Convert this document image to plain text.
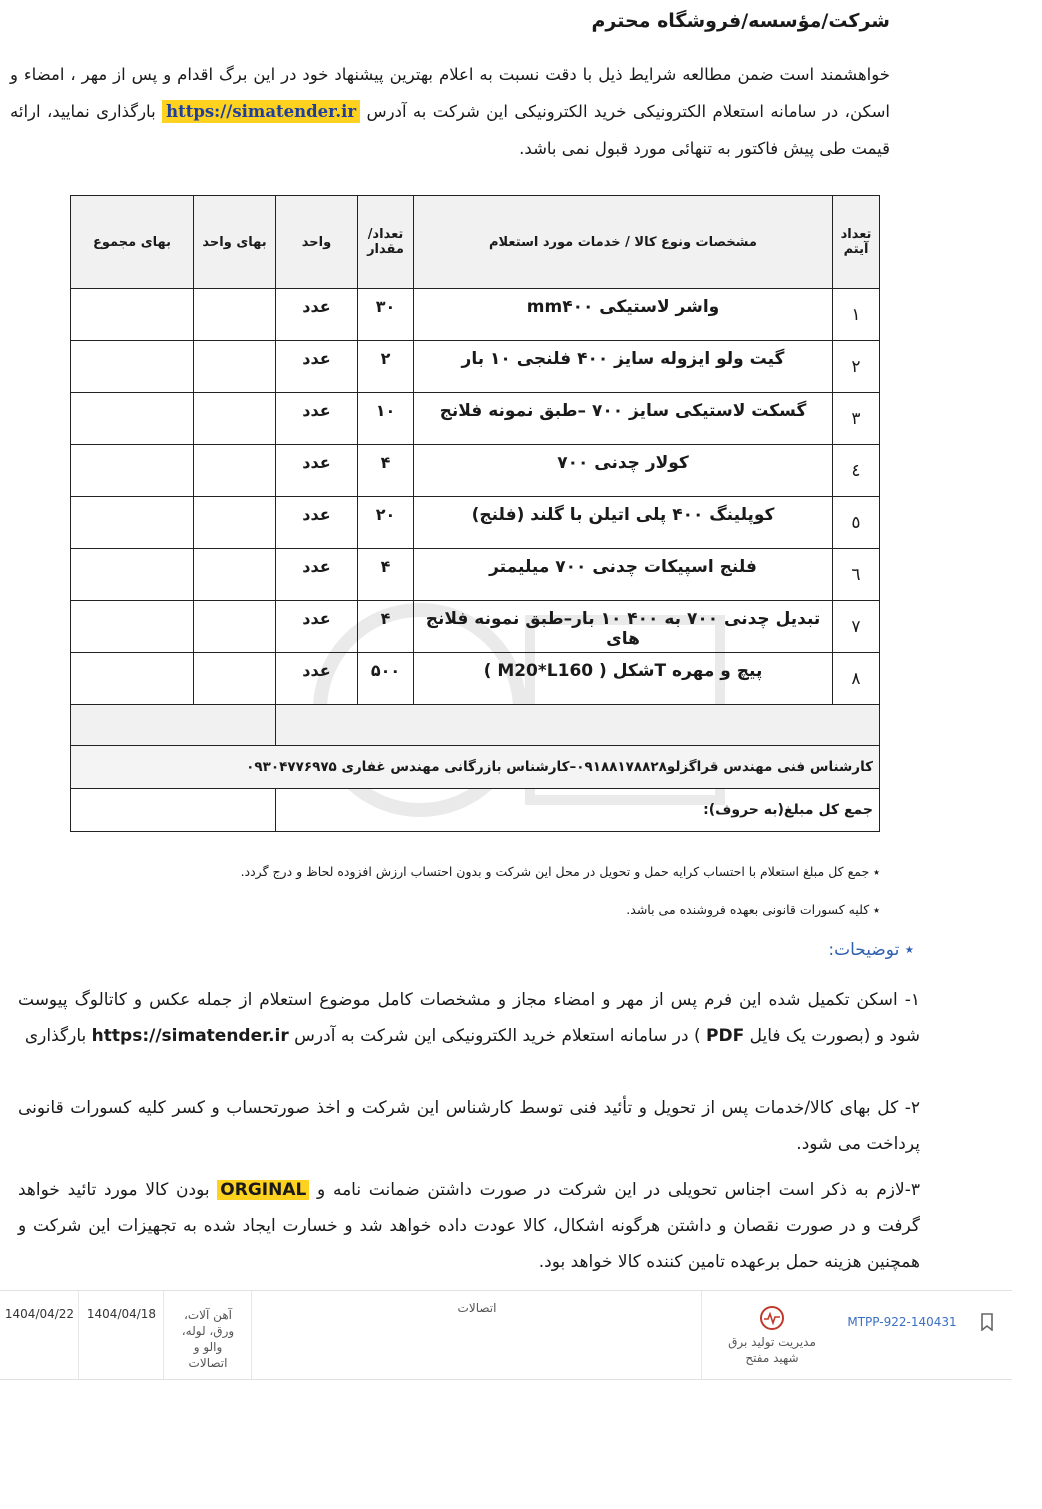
شرکت/مؤسسه/فروشگاه محترم
خواهشمند است ضمن مطالعه شرایط ذیل با دقت نسبت به اعلام بهترین پیشنهاد خود در این برگ اقدام و پس از مهر ، امضاء و اسکن، در سامانه استعلام الکترونیکی خرید الکترونیکی این شرکت به آدرس https://simatender.ir بارگذاری نمایید، ارائه قیمت طی پیش فاکتور به تنهائی مورد قبول نمی باشد.
تعداد آیتم	مشخصات ونوع کالا / خدمات مورد استعلام	تعداد/ مقدار	واحد	بهای واحد	بهای مجموع
١	واشر لاستیکی mm۴۰۰	۳۰	عدد		
٢	گیت ولو ایزوله سایز ۴۰۰ فلنجی ۱۰ بار	۲	عدد		
٣	گسکت لاستیکی سایز ۷۰۰ –طبق نمونه فلانج	۱۰	عدد		
٤	کولار چدنی ۷۰۰	۴	عدد		
٥	کوپلینگ ۴۰۰ پلی اتیلن با گلند (فلنج)	۲۰	عدد		
٦	فلنج اسپیکات چدنی ۷۰۰ میلیمتر	۴	عدد		
٧	تبدیل چدنی ۷۰۰ به ۴۰۰ ۱۰ بار–طبق نمونه فلانج های	۴	عدد		
٨	پیچ و مهره Tشکل ( M20*L160 )	۵۰۰	عدد		

کارشناس فنی مهندس قراگزلو۰۹۱۸۸۱۷۸۸۲۸–کارشناس بازرگانی مهندس غفاری ۰۹۳۰۴۷۷۶۹۷۵					
جمع کل مبلغ(به حروف):					
٭ جمع کل مبلغ استعلام با احتساب کرایه حمل و تحویل در محل این شرکت و بدون احتساب ارزش افزوده لحاظ و درج گردد.
٭ کلیه کسورات قانونی بعهده فروشنده می باشد.
٭ توضیحات:
١- اسکن تکمیل شده این فرم پس از مهر و امضاء مجاز و مشخصات کامل موضوع استعلام از جمله عکس و کاتالوگ پیوست شود و (بصورت یک فایل PDF ) در سامانه استعلام خرید الکترونیکی این شرکت به آدرس https://simatender.ir بارگذاری
٢- کل بهای کالا/خدمات پس از تحویل و تأئید فنی توسط کارشناس این شرکت و اخذ صورتحساب و کسر کلیه کسورات قانونی پرداخت می شود.
٣-لازم به ذکر است اجناس تحویلی در این شرکت در صورت داشتن ضمانت نامه و ORGINAL بودن کالا مورد تائید خواهد گرفت و در صورت نقصان و داشتن هرگونه اشکال، کالا عودت داده خواهد شد و خسارت ایجاد شده به تجهیزات این شرکت و همچنین هزینه حمل برعهده تامین کننده کالا خواهد بود.
MTPP-922-140431
مدیریت تولید برق شهید مفتح
اتصالات
آهن آلات، ورق، لوله، والو و اتصالات
1404/04/18
1404/04/22
